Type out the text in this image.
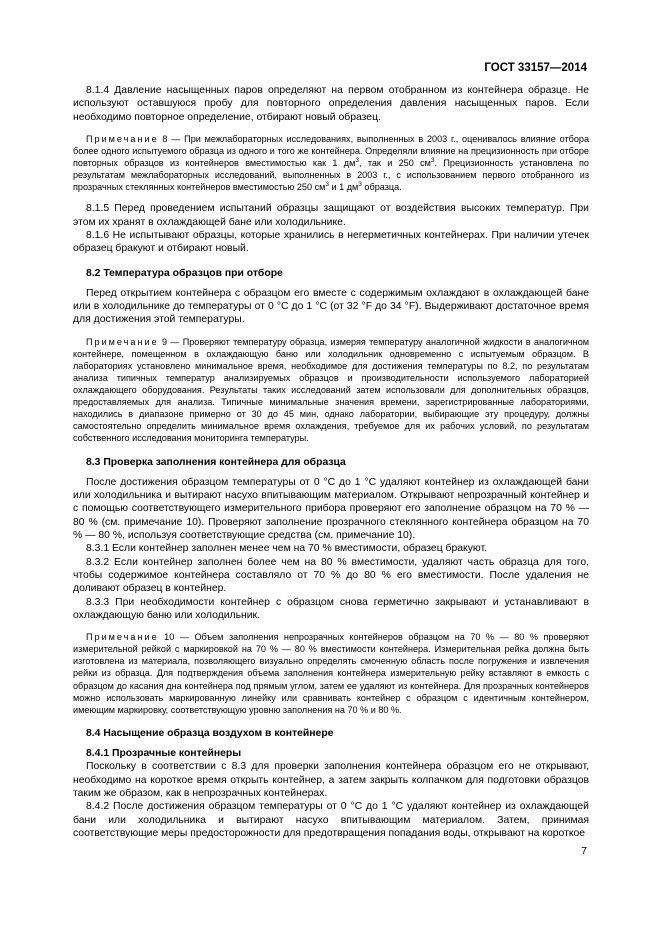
ГОСТ 33157—2014

8.1.4 Давление насыщенных паров определяют на первом отобранном из контейнера образце. Не используют оставшуюся пробу для повторного определения давления насыщенных паров. Если необходимо повторное определение, отбирают новый образец.

Примечание 8 — При межлабораторных исследованиях, выполненных в 2003 г., оценивалось влияние отбора более одного испытуемого образца из одного и того же контейнера. Определяли влияние на прецизионность при отборе повторных образцов из контейнеров вместимостью как 1 $дм^3$, так и 250 $см^3$. Прецизионность установлена по результатам межлабораторных исследований, выполненных в 2003 г., с использованием первого отобранного из прозрачных стеклянных контейнеров вместимостью 250 $см^3$ и 1 $дм^3$ образца.

8.1.5 Перед проведением испытаний образцы защищают от воздействия высоких температур. При этом их хранят в охлаждающей бане или холодильнике.

8.1.6 Не испытывают образцы, которые хранились в негерметичных контейнерах. При наличии утечек образец бракуют и отбирают новый.

8.2 Температура образцов при отборе

Перед открытием контейнера с образцом его вместе с содержимым охлаждают в охлаждающей бане или в холодильнике до температуры от 0 °С до 1 °С (от 32 °F до 34 °F). Выдерживают достаточное время для достижения этой температуры.

Примечание 9 — Проверяют температуру образца, измеряя температуру аналогичной жидкости в аналогичном контейнере, помещенном в охлаждающую баню или холодильник одновременно с испытуемым образцом. В лабораториях установлено минимальное время, необходимое для достижения температуры по 8.2, по результатам анализа типичных температур анализируемых образцов и производительности используемого лабораторией охлаждающего оборудования. Результаты таких исследований затем использовали для дополнительных образцов, предоставляемых для анализа. Типичные минимальные значения времени, зарегистрированные лабораториями, находились в диапазоне примерно от 30 до 45 мин, однако лаборатории, выбирающие эту процедуру, должны самостоятельно определить минимальное время охлаждения, требуемое для их рабочих условий, по результатам собственного исследования мониторинга температуры.

8.3 Проверка заполнения контейнера для образца

После достижения образцом температуры от 0 °С до 1 °С удаляют контейнер из охлаждающей бани или холодильника и вытирают насухо впитывающим материалом. Открывают непрозрачный контейнер и с помощью соответствующего измерительного прибора проверяют его заполнение образцом на 70 % — 80 % (см. примечание 10). Проверяют заполнение прозрачного стеклянного контейнера образцом на 70 % — 80 %, используя соответствующие средства (см. примечание 10).

8.3.1 Если контейнер заполнен менее чем на 70 % вместимости, образец бракуют.

8.3.2 Если контейнер заполнен более чем на 80 % вместимости, удаляют часть образца для того, чтобы содержимое контейнера составляло от 70 % до 80 % его вместимости. После удаления не доливают образец в контейнер.

8.3.3 При необходимости контейнер с образцом снова герметично закрывают и устанавливают в охлаждающую баню или холодильник.

Примечание 10 — Объем заполнения непрозрачных контейнеров образцом на 70 % — 80 % проверяют измерительной рейкой с маркировкой на 70 % — 80 % вместимости контейнера. Измерительная рейка должна быть изготовлена из материала, позволяющего визуально определять смоченную область после погружения и извлечения рейки из образца. Для подтверждения объема заполнения контейнера измерительную рейку вставляют в емкость с образцом до касания дна контейнера под прямым углом, затем ее удаляют из контейнера. Для прозрачных контейнеров можно использовать маркированную линейку или сравнивать контейнер с образцом с идентичным контейнером, имеющим маркировку, соответствующую уровню заполнения на 70 % и 80 %.

8.4 Насыщение образца воздухом в контейнере

8.4.1 Прозрачные контейнеры

Поскольку в соответствии с 8.3 для проверки заполнения контейнера образцом его не открывают, необходимо на короткое время открыть контейнер, а затем закрыть колпачком для подготовки образцов таким же образом, как в непрозрачных контейнерах.

8.4.2 После достижения образцом температуры от 0 °С до 1 °С удаляют контейнер из охлаждающей бани или холодильника и вытирают насухо впитывающим материалом. Затем, принимая соответствующие меры предосторожности для предотвращения попадания воды, открывают на короткое

7
